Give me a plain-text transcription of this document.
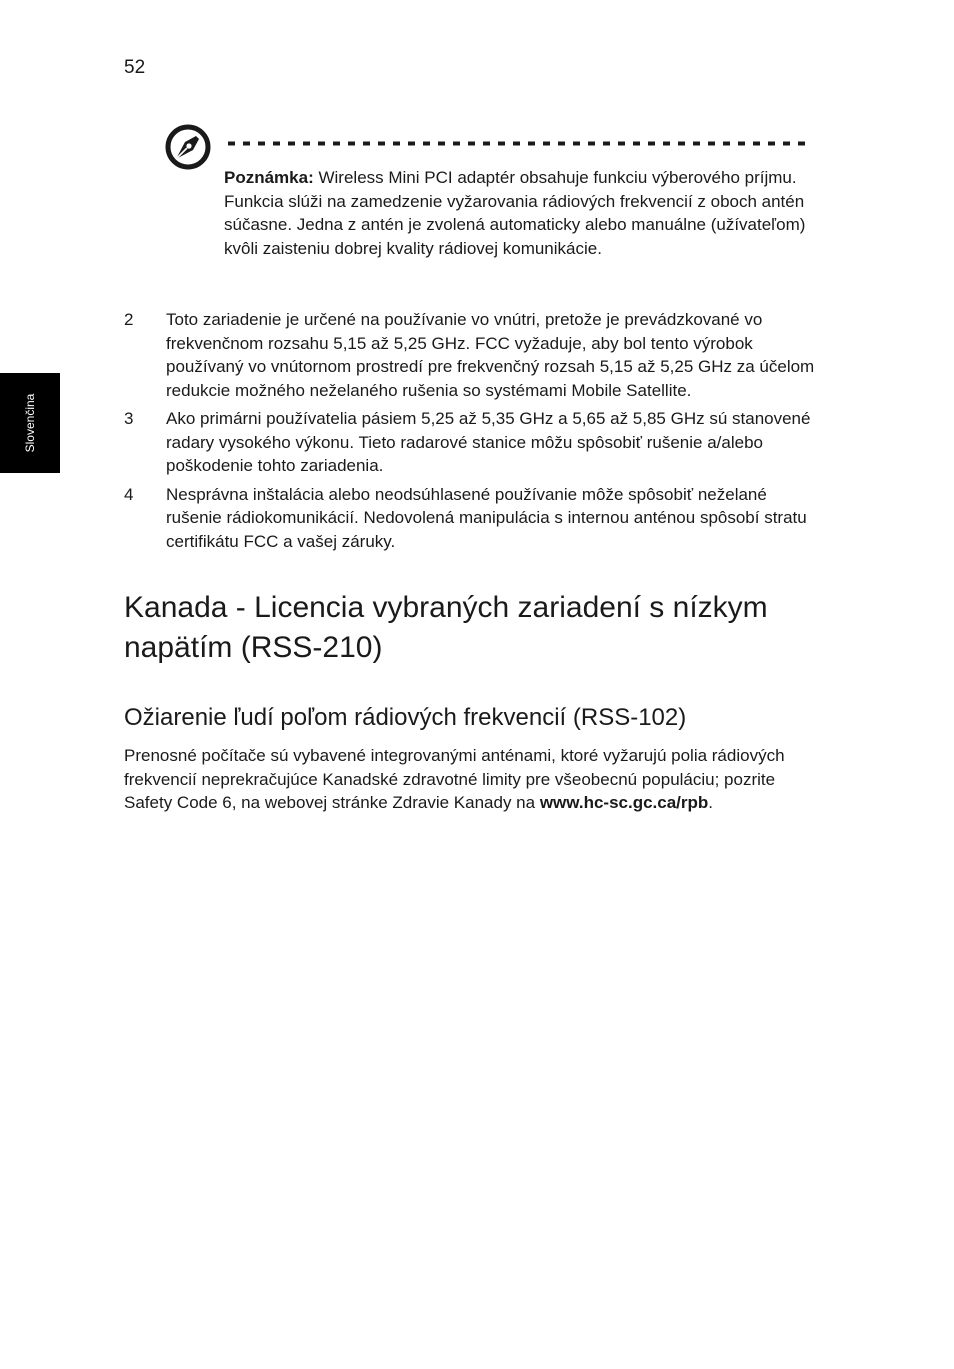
52
Slovenčina

Poznámka: Wireless Mini PCI adaptér obsahuje funkciu výberového príjmu. Funkcia slúži na zamedzenie vyžarovania rádiových frekvencií z oboch antén súčasne. Jedna z antén je zvolená automaticky alebo manuálne (užívateľom) kvôli zaisteniu dobrej kvality rádiovej komunikácie.

2 Toto zariadenie je určené na používanie vo vnútri, pretože je prevádzkované vo frekvenčnom rozsahu 5,15 až 5,25 GHz. FCC vyžaduje, aby bol tento výrobok používaný vo vnútornom prostredí pre frekvenčný rozsah 5,15 až 5,25 GHz za účelom redukcie možného neželaného rušenia so systémami Mobile Satellite.
3 Ako primárni používatelia pásiem 5,25 až 5,35 GHz a 5,65 až 5,85 GHz sú stanovené radary vysokého výkonu. Tieto radarové stanice môžu spôsobiť rušenie a/alebo poškodenie tohto zariadenia.
4 Nesprávna inštalácia alebo neodsúhlasené používanie môže spôsobiť neželané rušenie rádiokomunikácií. Nedovolená manipulácia s internou anténou spôsobí stratu certifikátu FCC a vašej záruky.
Kanada - Licencia vybraných zariadení s nízkym napätím (RSS-210)
Ožiarenie ľudí poľom rádiových frekvencií (RSS-102)

Prenosné počítače sú vybavené integrovanými anténami, ktoré vyžarujú polia rádiových frekvencií neprekračujúce Kanadské zdravotné limity pre všeobecnú populáciu; pozrite Safety Code 6, na webovej stránke Zdravie Kanady na www.hc-sc.gc.ca/rpb.
